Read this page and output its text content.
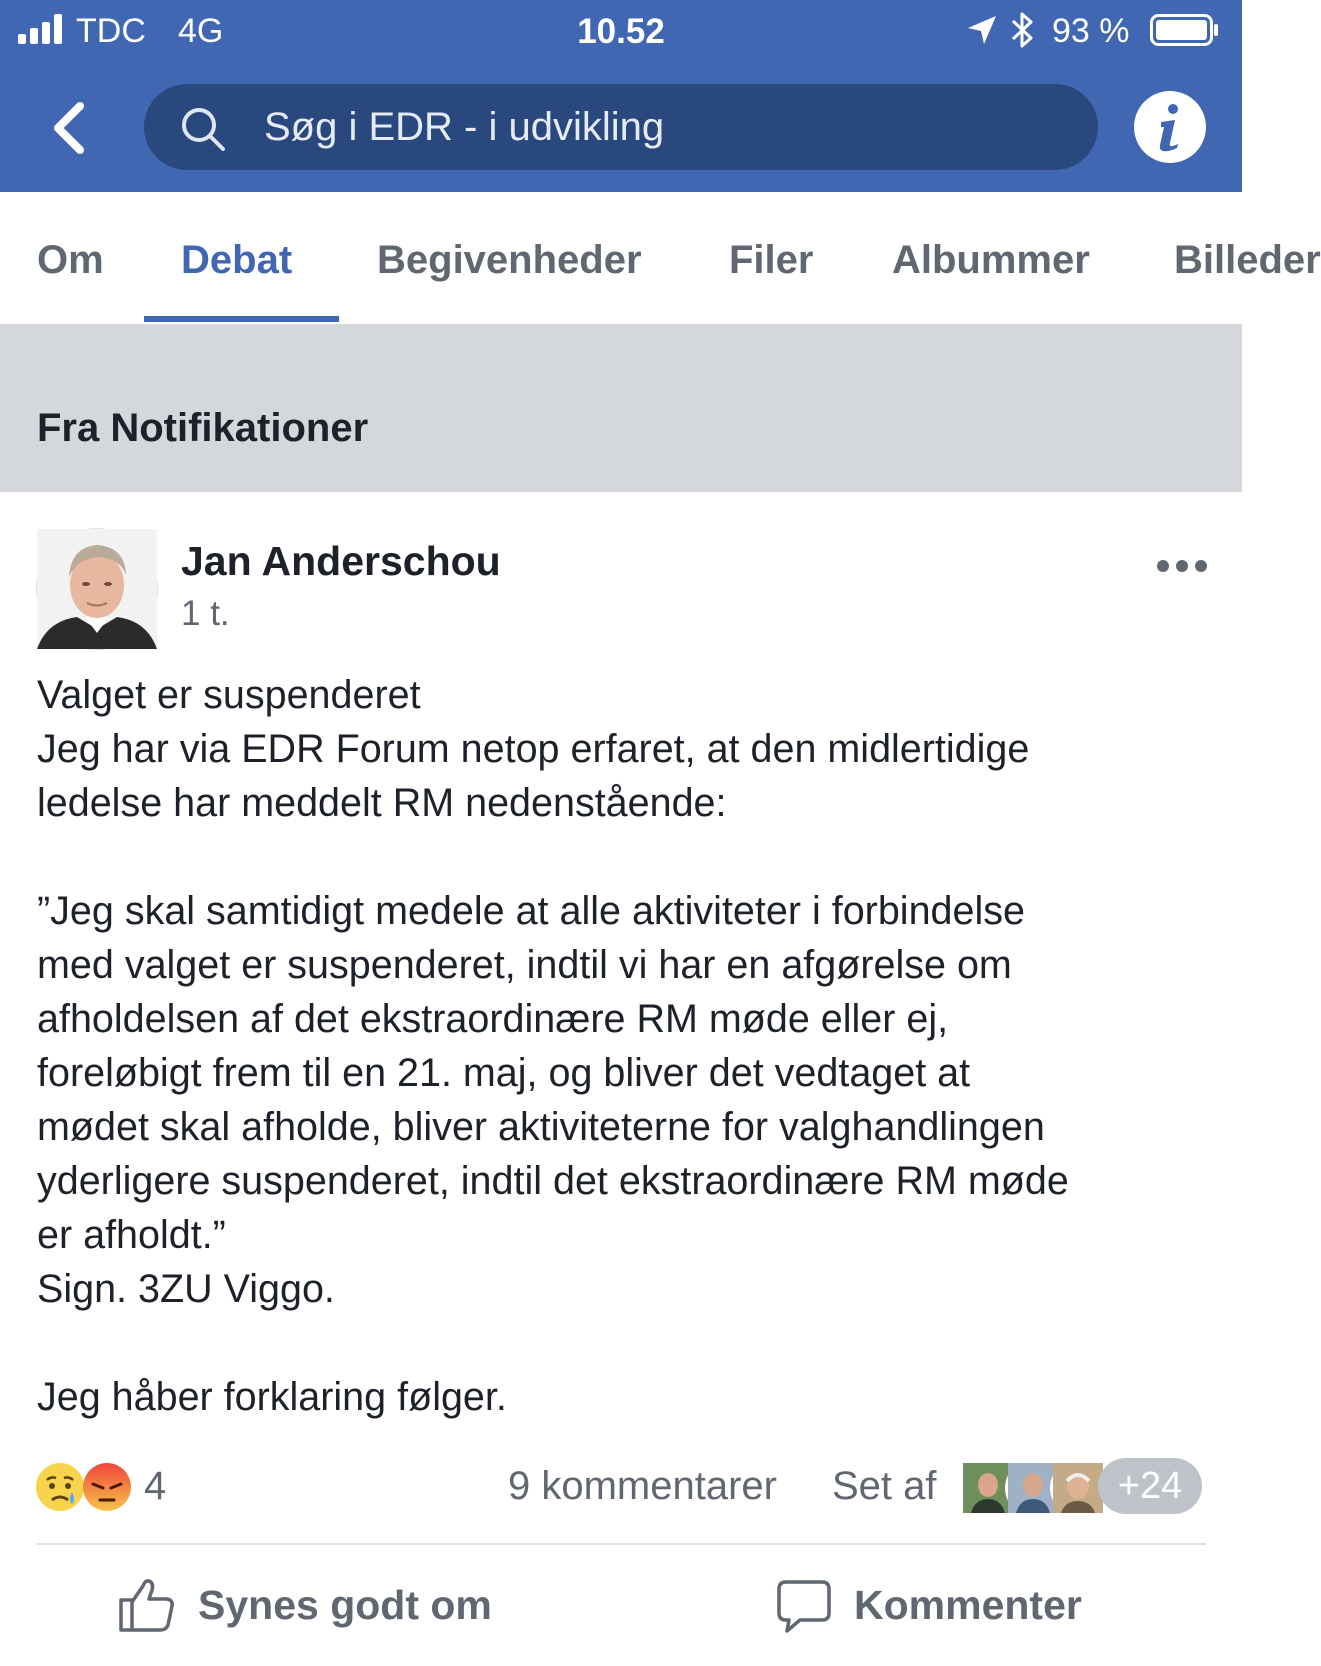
TDC 4G	10.52	93 %
Søg i EDR - i udvikling
Om Debat Begivenheder Filer Albummer Billeder
Fra Notifikationer
Jan Anderschou
1 t.

Valget er suspenderet

Jeg har via EDR Forum netop erfaret, at den midlertidige

ledelse har meddelt RM nedenstående:

”Jeg skal samtidigt medele at alle aktiviteter i forbindelse

med valget er suspenderet, indtil vi har en afgørelse om

afholdelsen af det ekstraordinære RM møde eller ej,

foreløbigt frem til en 21. maj, og bliver det vedtaget at

mødet skal afholde, bliver aktiviteterne for valghandlingen

yderligere suspenderet, indtil det ekstraordinære RM møde

er afholdt.”

Sign. 3ZU Viggo.

Jeg håber forklaring følger.

4	9 kommentarer Set af	+24
Synes godt om	Kommenter
